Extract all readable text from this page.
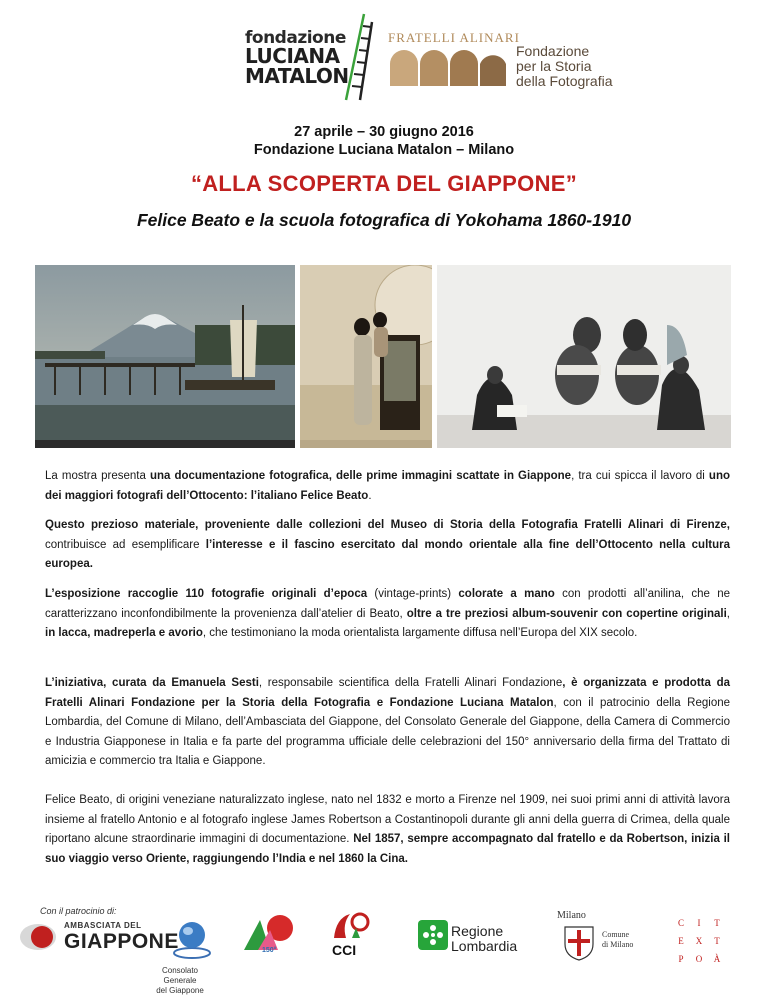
fondazione
LUCIANA
MATALON
FRATELLI ALINARI
Fondazione
per la Storia
della Fotografia
27 aprile – 30 giugno 2016
Fondazione Luciana Matalon – Milano
“ALLA SCOPERTA DEL GIAPPONE”
Felice Beato e la scuola fotografica di Yokohama 1860-1910
La mostra presenta una documentazione fotografica, delle prime immagini scattate in Giappone, tra cui spicca il lavoro di uno dei maggiori fotografi dell’Ottocento: l’italiano Felice Beato.
Questo prezioso materiale, proveniente dalle collezioni del Museo di Storia della Fotografia Fratelli Alinari di Firenze, contribuisce ad esemplificare l’interesse e il fascino esercitato dal mondo orientale alla fine dell’Ottocento nella cultura europea.
L’esposizione raccoglie 110 fotografie originali d’epoca (vintage-prints) colorate a mano con prodotti all’anilina, che ne caratterizzano inconfondibilmente la provenienza dall’atelier di Beato, oltre a tre preziosi album-souvenir con copertine originali, in lacca, madreperla e avorio, che testimoniano la moda orientalista largamente diffusa nell’Europa del XIX secolo.
L’iniziativa, curata da Emanuela Sesti, responsabile scientifica della Fratelli Alinari Fondazione, è organizzata e prodotta da Fratelli Alinari Fondazione per la Storia della Fotografia e Fondazione Luciana Matalon, con il patrocinio della Regione Lombardia, del Comune di Milano, dell’Ambasciata del Giappone, del Consolato Generale del Giappone, della Camera di Commercio e Industria Giapponese in Italia e fa parte del programma ufficiale delle celebrazioni del 150° anniversario della firma del Trattato di amicizia e commercio tra Italia e Giappone.
Felice Beato, di origini veneziane naturalizzato inglese, nato nel 1832 e morto a Firenze nel 1909, nei suoi primi anni di attività lavora insieme al fratello Antonio e al fotografo inglese James Robertson a Costantinopoli durante gli anni della guerra di Crimea, della quale riportano alcune straordinarie immagini di documentazione. Nel 1857, sempre accompagnato dal fratello e da Robertson, inizia il suo viaggio verso Oriente, raggiungendo l’India e nel 1860 la Cina.
Con il patrocinio di:
AMBASCIATA DEL
GIAPPONE
Consolato Generale
del Giappone
150°	CCI
Regione
Lombardia
Milano
Comune
di Milano
C	I	T
E	X	T
P	O	À
